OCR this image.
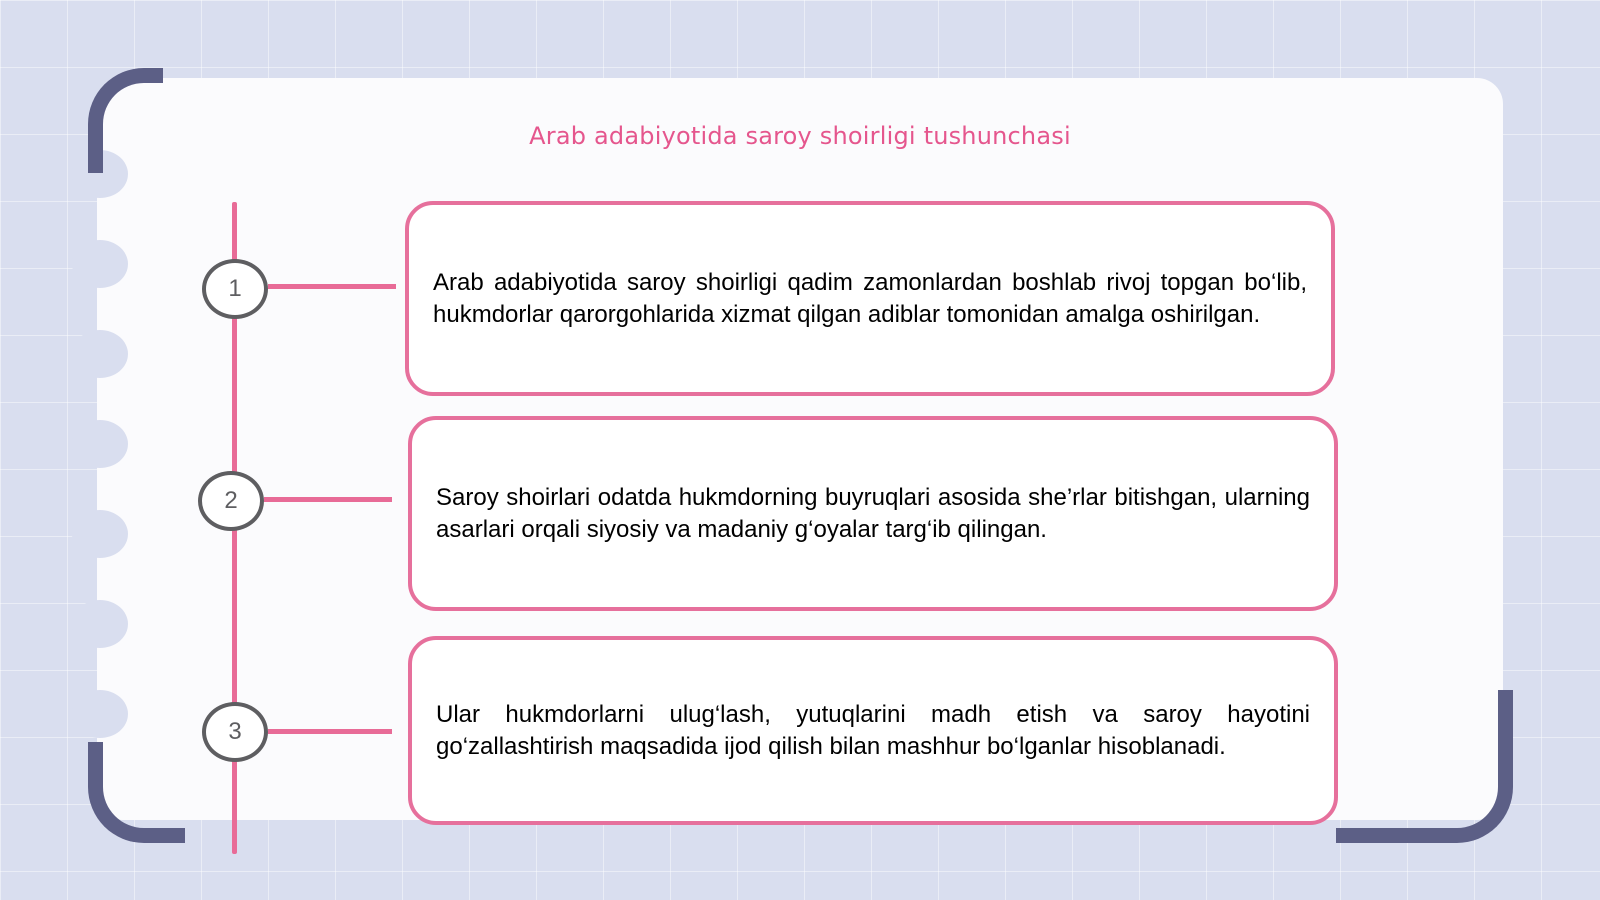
Arab adabiyotida saroy shoirligi tushunchasi
1
2
3
Arab adabiyotida saroy shoirligi qadim zamonlardan boshlab rivoj topgan bo‘lib, hukmdorlar qarorgohlarida xizmat qilgan adiblar tomonidan amalga oshirilgan.
Saroy shoirlari odatda hukmdorning buyruqlari asosida she’rlar bitishgan, ularning asarlari orqali siyosiy va madaniy g‘oyalar targ‘ib qilingan.
Ular hukmdorlarni ulug‘lash, yutuqlarini madh etish va saroy hayotini go‘zallashtirish maqsadida ijod qilish bilan mashhur bo‘lganlar hisoblanadi.
